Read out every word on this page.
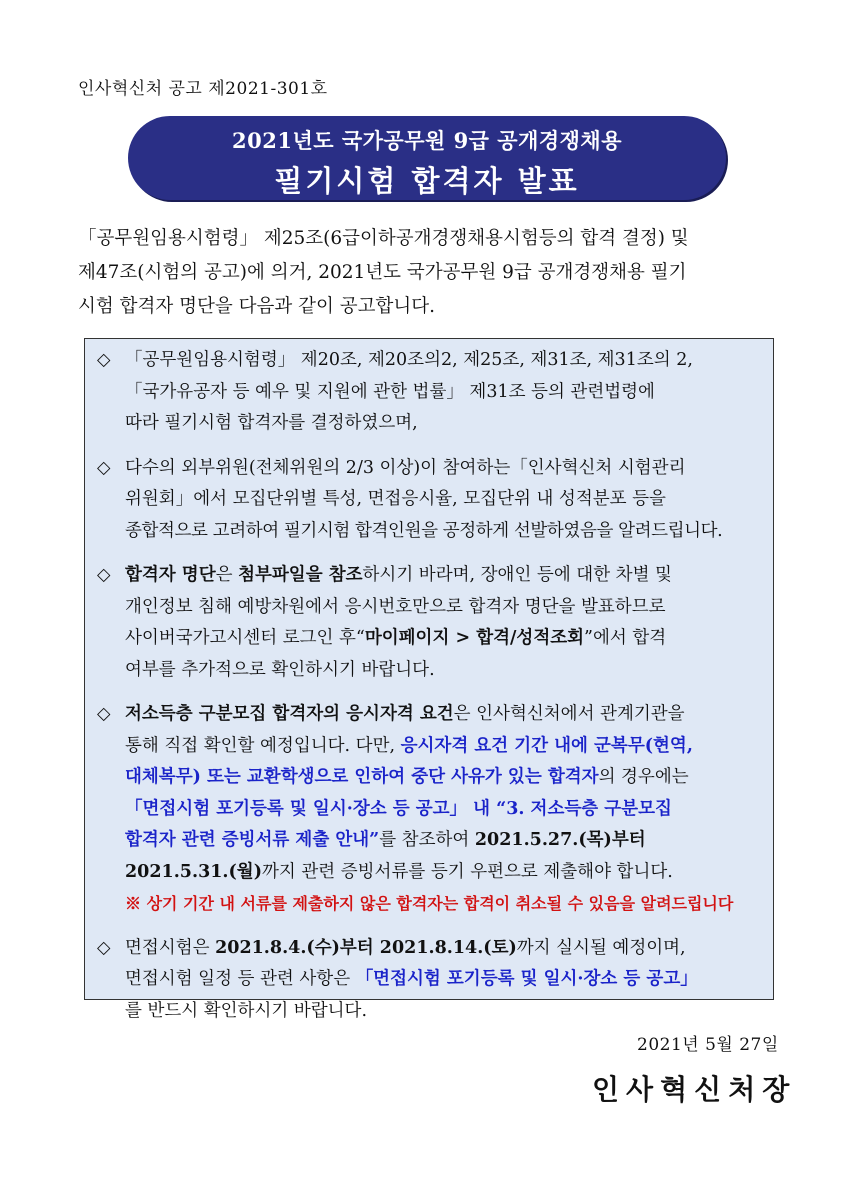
인사혁신처 공고 제2021-301호
2021년도 국가공무원 9급 공개경쟁채용
필기시험 합격자 발표
「공무원임용시험령」 제25조(6급이하공개경쟁채용시험등의 합격 결정) 및
제47조(시험의 공고)에 의거, 2021년도 국가공무원 9급 공개경쟁채용 필기
시험 합격자 명단을 다음과 같이 공고합니다.
◇ 「공무원임용시험령」 제20조, 제20조의2, 제25조, 제31조, 제31조의 2,

「국가유공자 등 예우 및 지원에 관한 법률」 제31조 등의 관련법령에

따라 필기시험 합격자를 결정하였으며,

◇ 다수의 외부위원(전체위원의 2/3 이상)이 참여하는「인사혁신처 시험관리

위원회」에서 모집단위별 특성, 면접응시율, 모집단위 내 성적분포 등을

종합적으로 고려하여 필기시험 합격인원을 공정하게 선발하였음을 알려드립니다.

◇ 합격자 명단은 첨부파일을 참조하시기 바라며, 장애인 등에 대한 차별 및

개인정보 침해 예방차원에서 응시번호만으로 합격자 명단을 발표하므로

사이버국가고시센터 로그인 후“마이페이지 > 합격/성적조회”에서 합격

여부를 추가적으로 확인하시기 바랍니다.

◇ 저소득층 구분모집 합격자의 응시자격 요건은 인사혁신처에서 관계기관을

통해 직접 확인할 예정입니다. 다만, 응시자격 요건 기간 내에 군복무(현역,

대체복무) 또는 교환학생으로 인하여 중단 사유가 있는 합격자의 경우에는

「면접시험 포기등록 및 일시·장소 등 공고」 내 “3. 저소득층 구분모집

합격자 관련 증빙서류 제출 안내”를 참조하여 2021.5.27.(목)부터

2021.5.31.(월)까지 관련 증빙서류를 등기 우편으로 제출해야 합니다.

※ 상기 기간 내 서류를 제출하지 않은 합격자는 합격이 취소될 수 있음을 알려드립니다

◇ 면접시험은 2021.8.4.(수)부터 2021.8.14.(토)까지 실시될 예정이며,

면접시험 일정 등 관련 사항은 「면접시험 포기등록 및 일시·장소 등 공고」

를 반드시 확인하시기 바랍니다.

2021년 5월 27일
인사혁신처장
